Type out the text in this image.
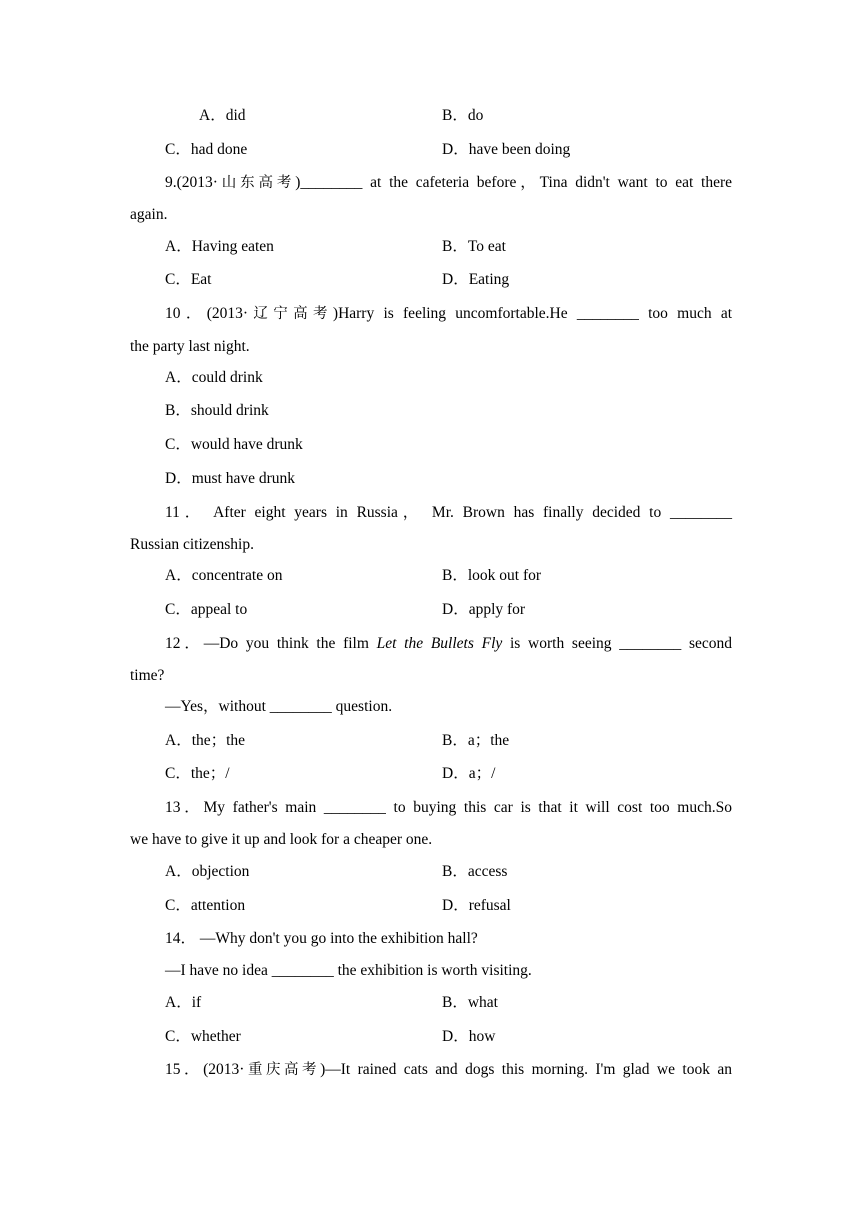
A．did	B．do
C．had done	D．have been doing
9.(2013·山东高考)________ at the cafeteria before，Tina didn't want to eat there
again.
A．Having eaten	B．To eat
C．Eat	D．Eating
10．(2013·辽宁高考)Harry is feeling uncomfortable.He ________ too much at
the party last night.
A．could drink
B．should drink
C．would have drunk
D．must have drunk
11． After eight years in Russia， Mr. Brown has finally decided to ________
Russian citizenship.
A．concentrate on	B．look out for
C．appeal to	D．apply for
12．—Do you think the film Let the Bullets Fly is worth seeing ________ second
time?
—Yes，without ________ question.
A．the；the	B．a；the
C．the；/	D．a；/
13．My father's main ________ to buying this car is that it will cost too much.So
we have to give it up and look for a cheaper one.
A．objection	B．access
C．attention	D．refusal
14． —Why don't you go into the exhibition hall?
—I have no idea ________ the exhibition is worth visiting.
A．if	B．what
C．whether	D．how
15．(2013·重庆高考)—It rained cats and dogs this morning. I'm glad we took an
